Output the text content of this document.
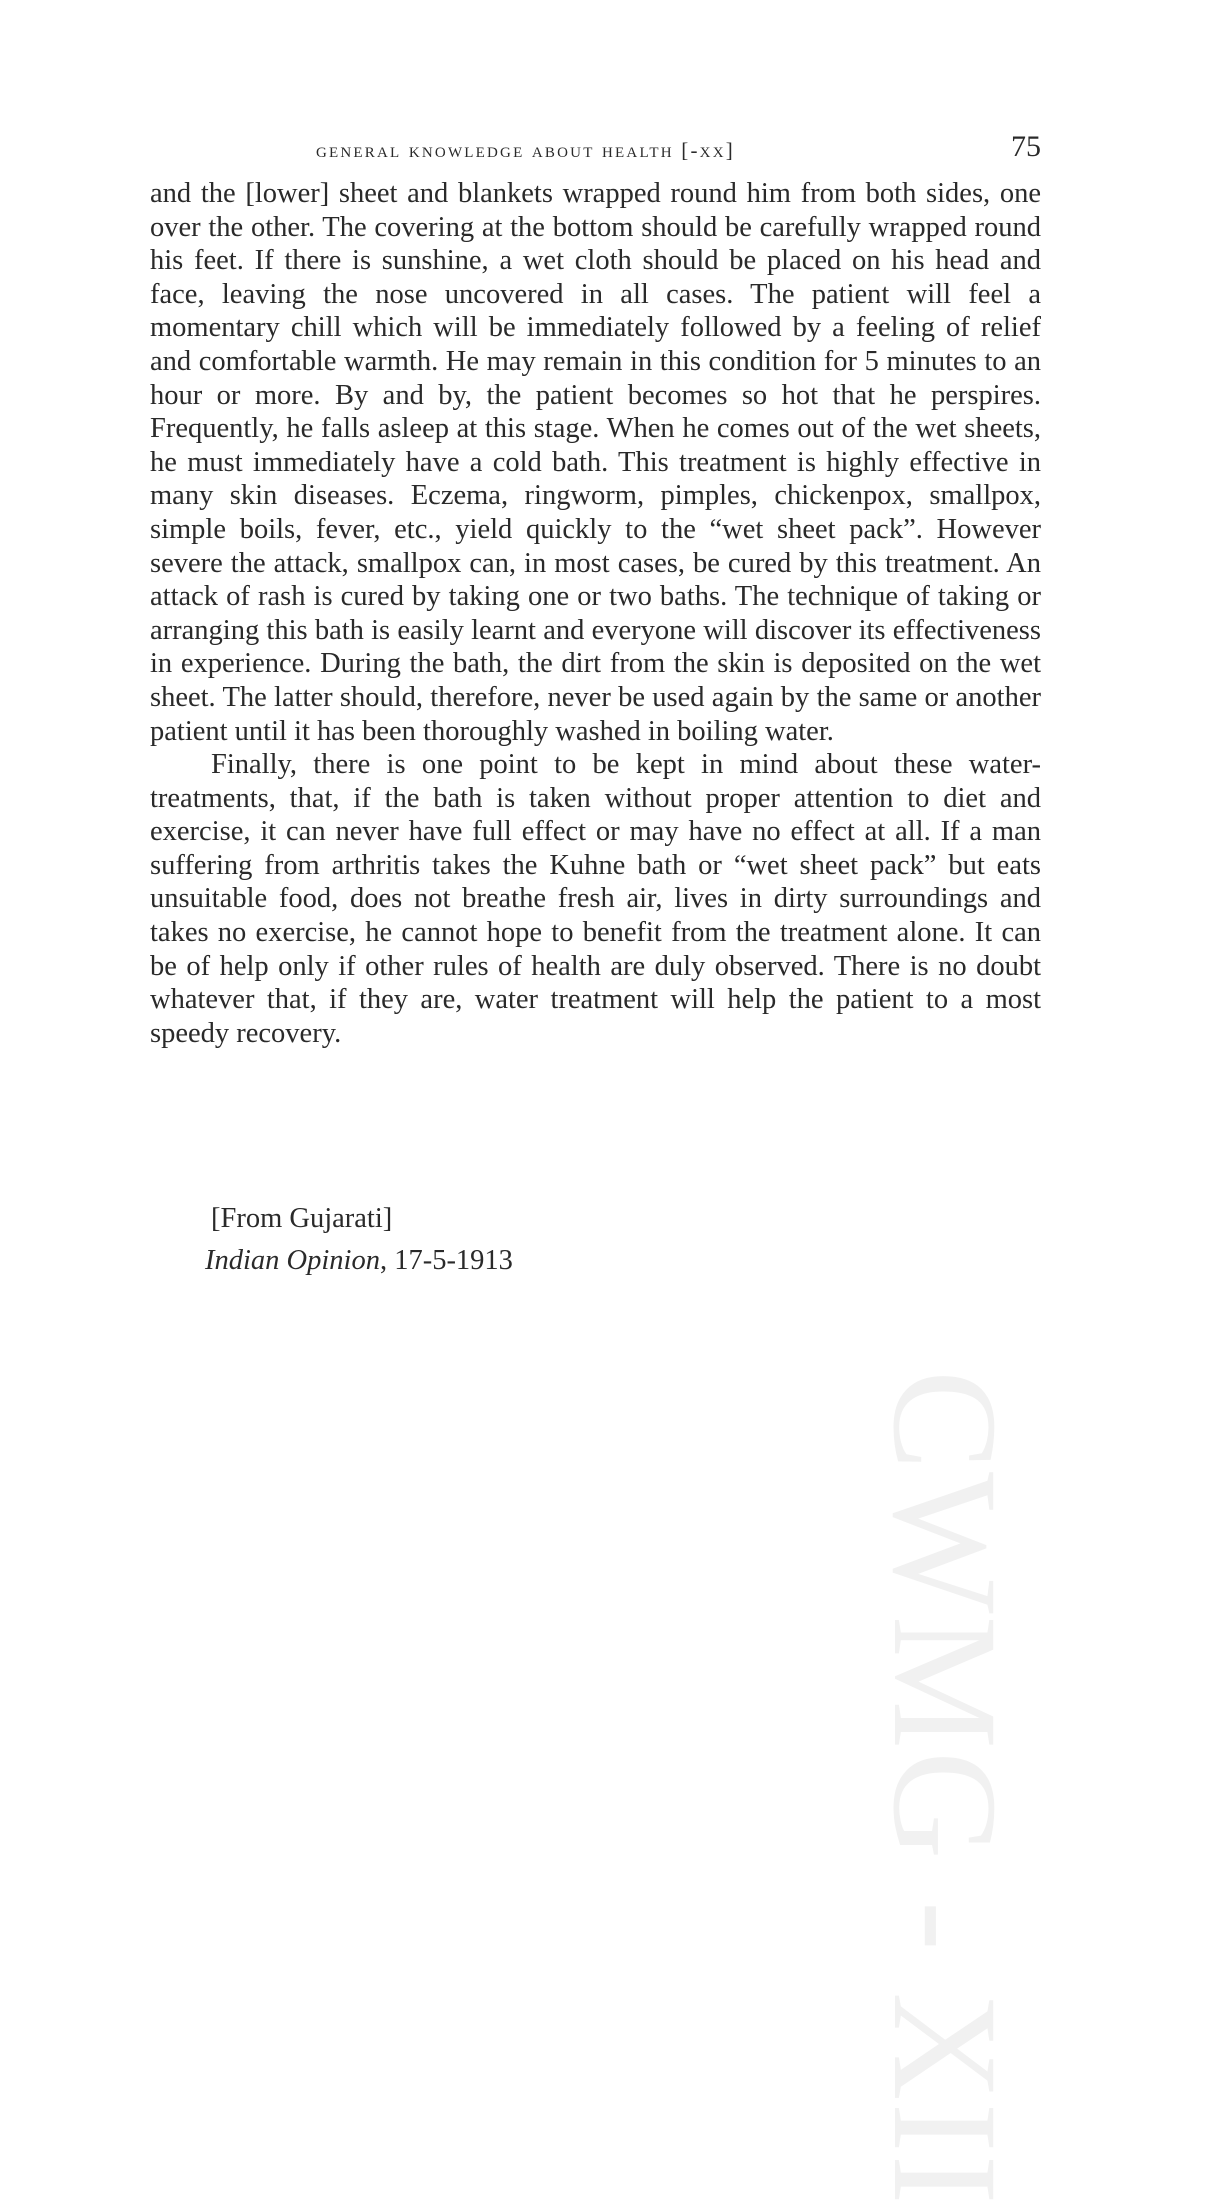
CWMG - XII
general knowledge about health [-xx]	75

and the [lower] sheet and blankets wrapped round him from both sides, one over the other. The covering at the bottom should be carefully wrapped round his feet. If there is sunshine, a wet cloth should be placed on his head and face, leaving the nose uncovered in all cases. The patient will feel a momentary chill which will be immediately followed by a feeling of relief and comfortable warmth. He may remain in this condition for 5 minutes to an hour or more. By and by, the patient becomes so hot that he perspires. Frequently, he falls asleep at this stage. When he comes out of the wet sheets, he must immediately have a cold bath. This treatment is highly effective in many skin diseases. Eczema, ringworm, pimples, chickenpox, smallpox, simple boils, fever, etc., yield quickly to the “wet sheet pack”. However severe the attack, smallpox can, in most cases, be cured by this treatment. An attack of rash is cured by taking one or two baths. The technique of taking or arranging this bath is easily learnt and everyone will discover its effectiveness in experience. During the bath, the dirt from the skin is deposited on the wet sheet. The latter should, therefore, never be used again by the same or another patient until it has been thoroughly washed in boiling water.

Finally, there is one point to be kept in mind about these water-treatments, that, if the bath is taken without proper attention to diet and exercise, it can never have full effect or may have no effect at all. If a man suffering from arthritis takes the Kuhne bath or “wet sheet pack” but eats unsuitable food, does not breathe fresh air, lives in dirty surroundings and takes no exercise, he cannot hope to benefit from the treatment alone. It can be of help only if other rules of health are duly observed. There is no doubt whatever that, if they are, water treatment will help the patient to a most speedy recovery.

[From Gujarati]
Indian Opinion, 17-5-1913
